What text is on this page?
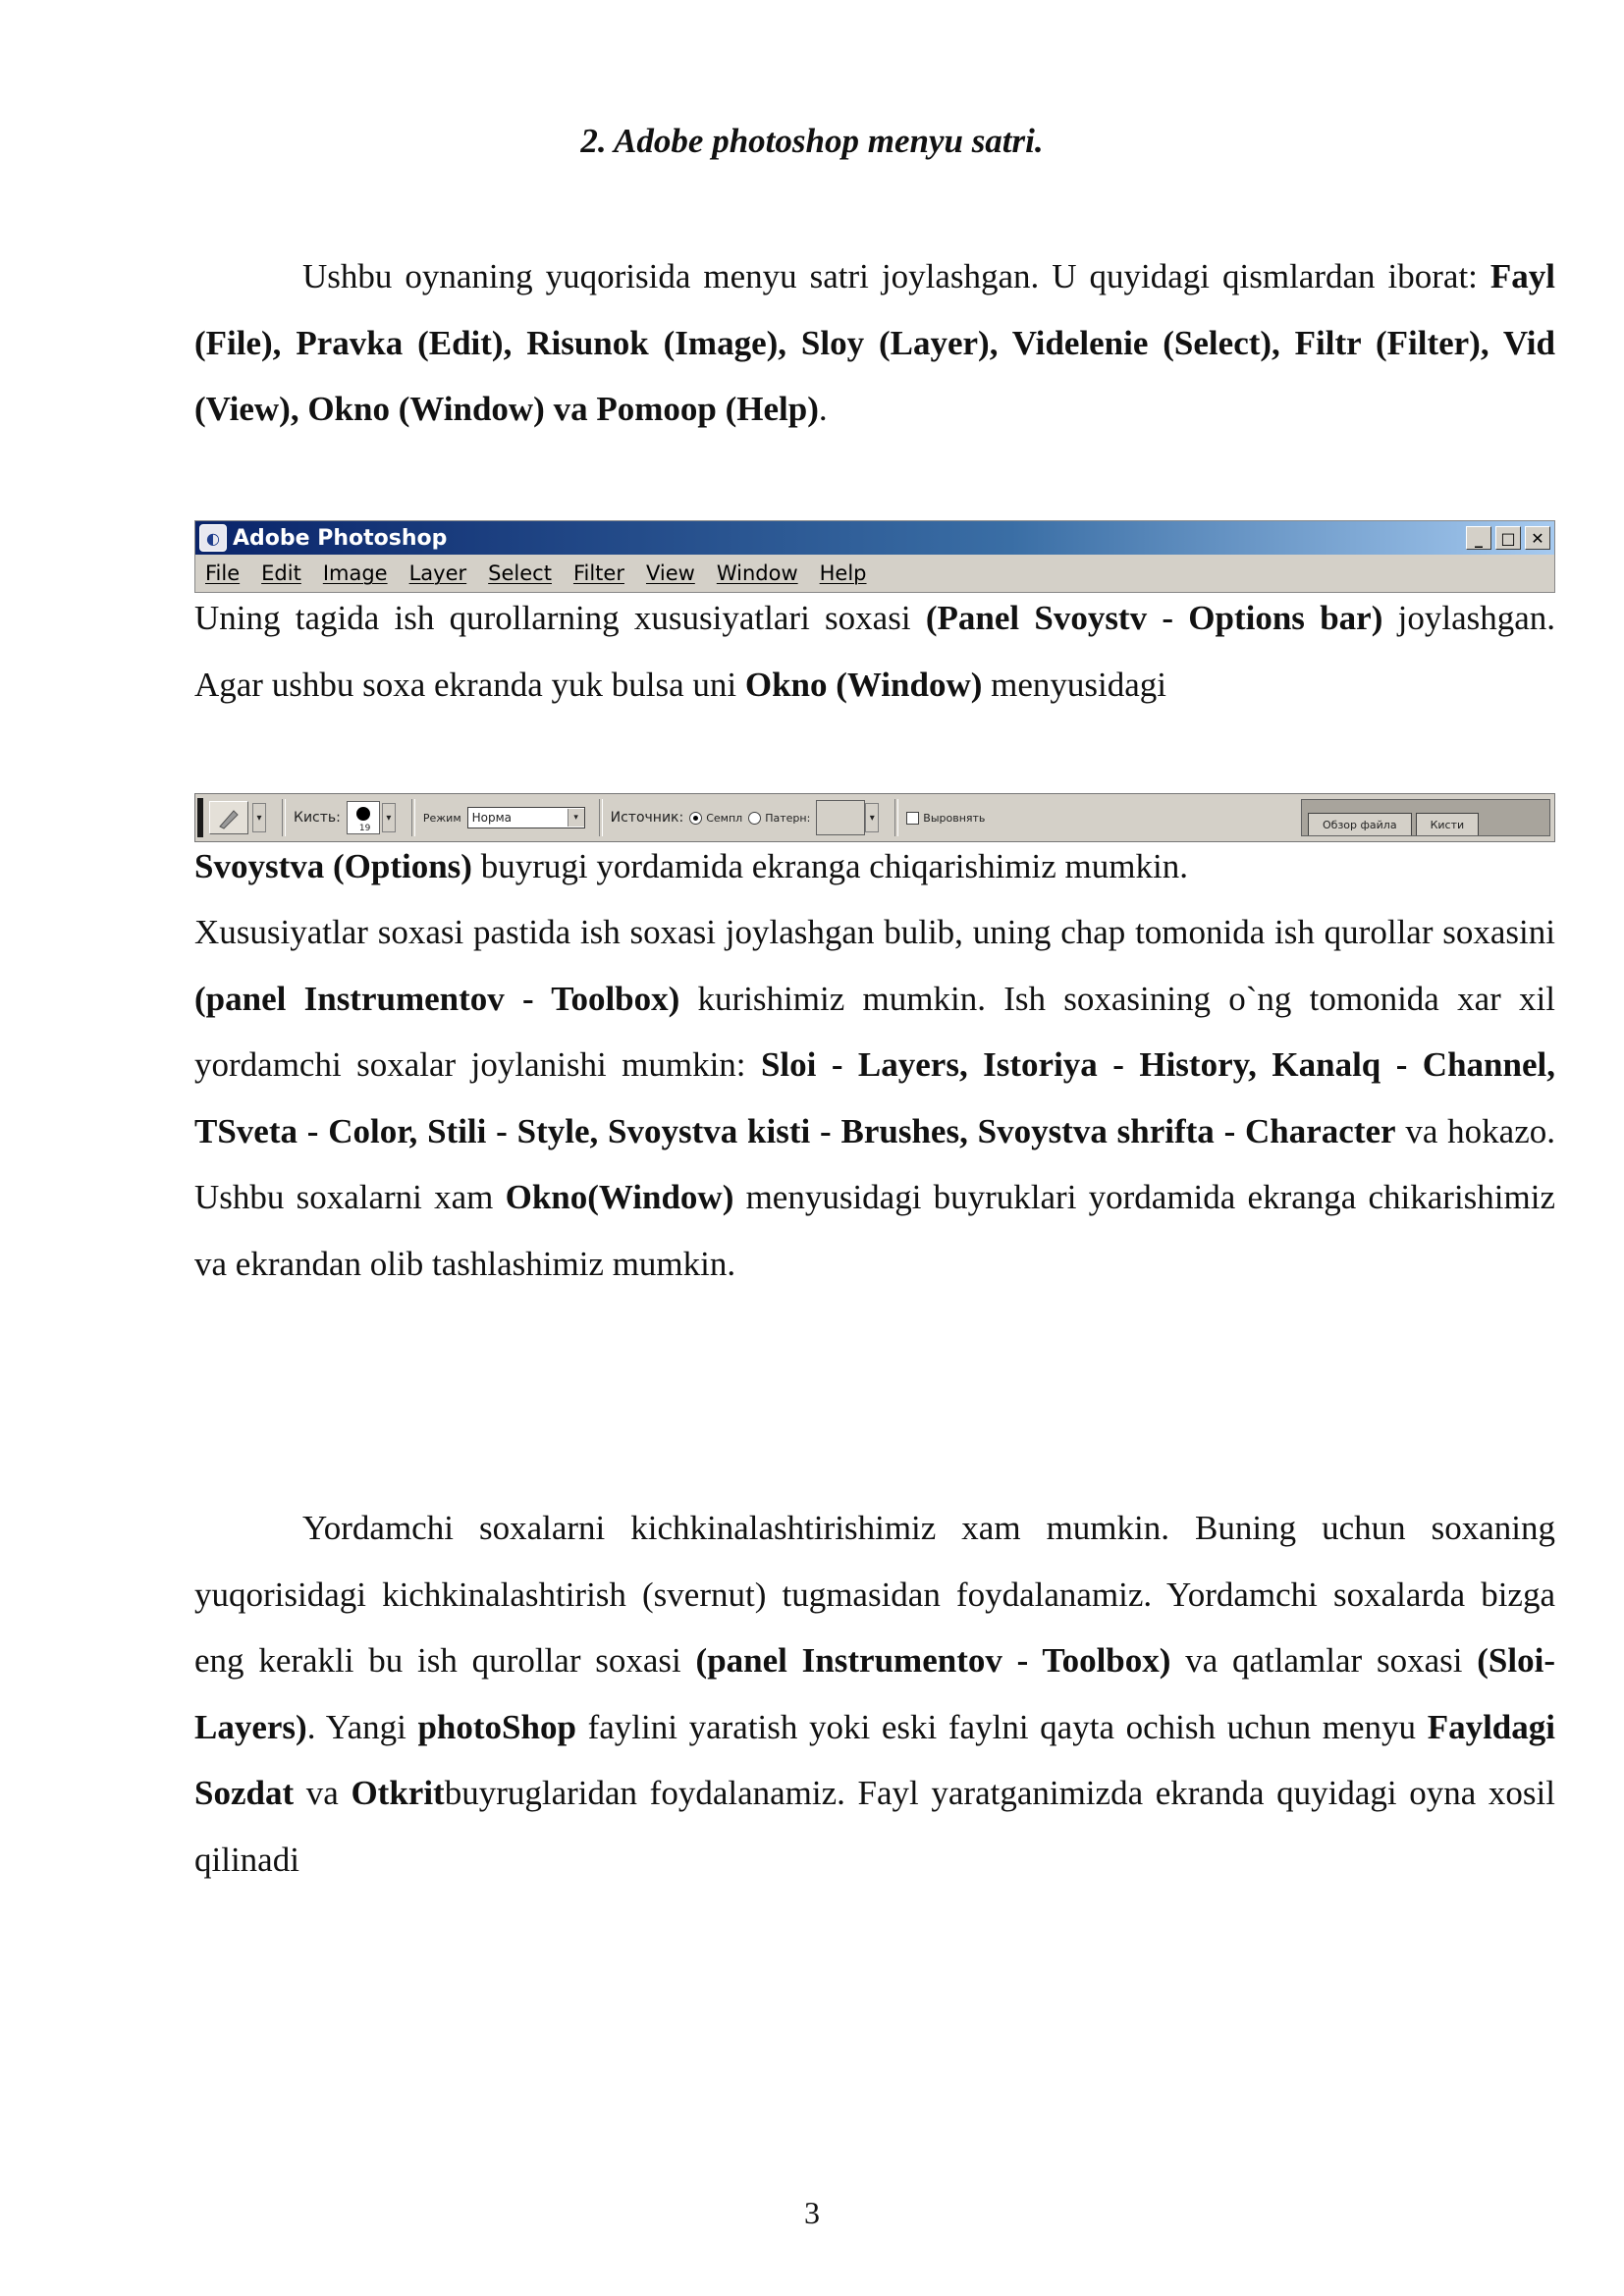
2. Adobe photoshop menyu satri.

Ushbu oynaning yuqorisida menyu satri joylashgan. U quyidagi qismlardan iborat: Fayl (File), Pravka (Edit), Risunok (Image), Sloy (Layer), Videlenie (Select), Filtr (Filter), Vid (View), Okno (Window) va Pomoop (Help).

◐ Adobe Photoshop	_	□ ✕
File Edit Image Layer Select Filter View Window Help

Uning tagida ish qurollarning xususiyatlari soxasi (Panel Svoystv - Options bar) joylashgan. Agar ushbu soxa ekranda yuk bulsa uni Okno (Window) menyusidagi

▾	Кисть:
19
▾	Режим Норма	▾	Источник: Семпл Патерн:	▾	Выровнять
Обзор файла	Кисти

Svoystva (Options) buyrugi yordamida ekranga chiqarishimiz mumkin.

Xususiyatlar soxasi pastida ish soxasi joylashgan bulib, uning chap tomonida ish qurollar soxasini (panel Instrumentov - Toolbox) kurishimiz mumkin. Ish soxasining o`ng tomonida xar xil yordamchi soxalar joylanishi mumkin: Sloi - Layers, Istoriya - History, Kanalq - Channel, TSveta - Color, Stili - Style, Svoystva kisti - Brushes, Svoystva shrifta - Character va hokazo. Ushbu soxalarni xam Okno(Window) menyusidagi buyruklari yordamida ekranga chikarishimiz va ekrandan olib tashlashimiz mumkin.

Yordamchi soxalarni kichkinalashtirishimiz xam mumkin. Buning uchun soxaning yuqorisidagi kichkinalashtirish (svernut) tugmasidan foydalanamiz. Yordamchi soxalarda bizga eng kerakli bu ish qurollar soxasi (panel Instrumentov - Toolbox) va qatlamlar soxasi (Sloi- Layers). Yangi photoShop faylini yaratish yoki eski faylni qayta ochish uchun menyu Fayldagi Sozdat va Otkritbuyruglaridan foydalanamiz. Fayl yaratganimizda ekranda quyidagi oyna xosil qilinadi

3
